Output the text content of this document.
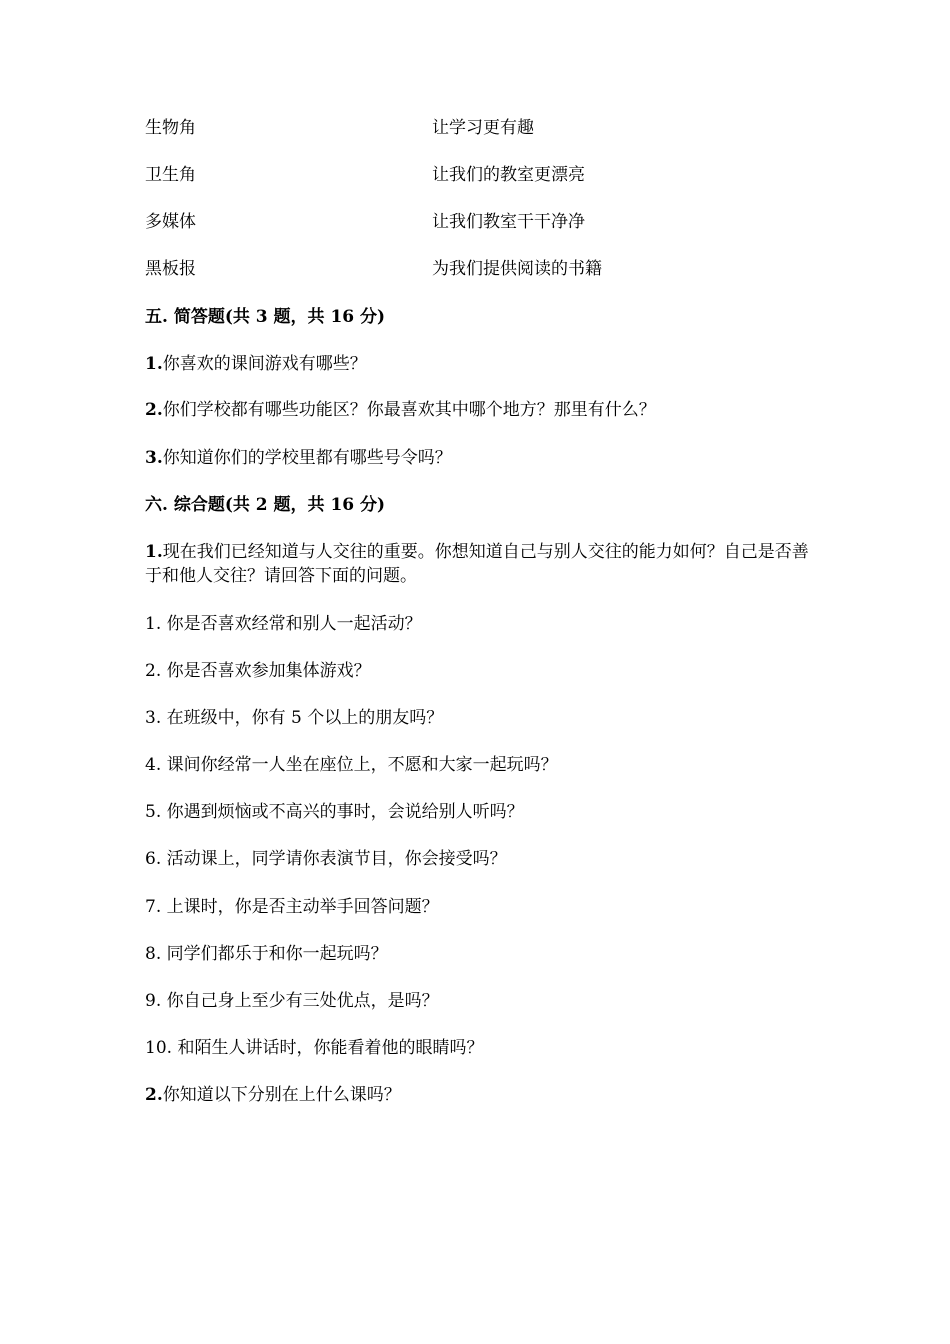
生物角	让学习更有趣
卫生角	让我们的教室更漂亮
多媒体	让我们教室干干净净
黑板报	为我们提供阅读的书籍
五. 简答题(共 3 题，共 16 分)
1.你喜欢的课间游戏有哪些？
2.你们学校都有哪些功能区？你最喜欢其中哪个地方？那里有什么？
3.你知道你们的学校里都有哪些号令吗？
六. 综合题(共 2 题，共 16 分)
1.现在我们已经知道与人交往的重要。你想知道自己与别人交往的能力如何？自己是否善于和他人交往？请回答下面的问题。
1. 你是否喜欢经常和别人一起活动？
2. 你是否喜欢参加集体游戏？
3. 在班级中，你有 5 个以上的朋友吗？
4. 课间你经常一人坐在座位上，不愿和大家一起玩吗？
5. 你遇到烦恼或不高兴的事时，会说给别人听吗？
6. 活动课上，同学请你表演节目，你会接受吗？
7. 上课时，你是否主动举手回答问题？
8. 同学们都乐于和你一起玩吗？
9. 你自己身上至少有三处优点，是吗？
10. 和陌生人讲话时，你能看着他的眼睛吗？
2.你知道以下分别在上什么课吗？
